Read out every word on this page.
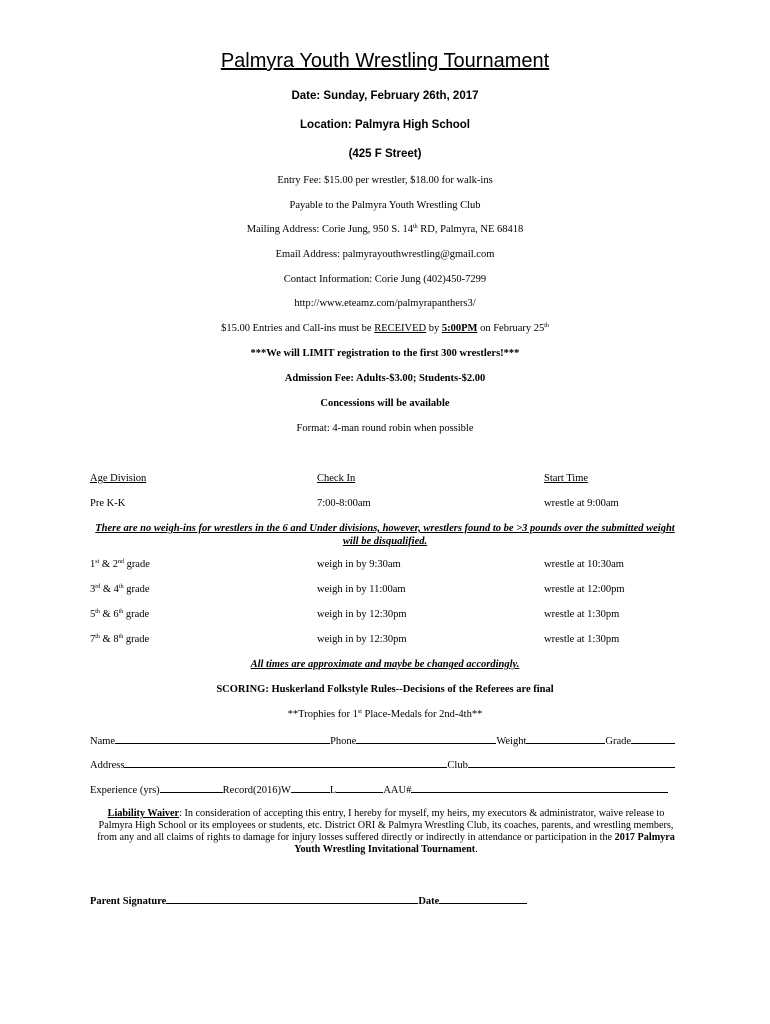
Palmyra Youth Wrestling Tournament
Date: Sunday, February 26th, 2017
Location: Palmyra High School
(425 F Street)
Entry Fee: $15.00 per wrestler, $18.00 for walk-ins
Payable to the Palmyra Youth Wrestling Club
Mailing Address: Corie Jung, 950 S. 14th RD, Palmyra, NE 68418
Email Address: palmyrayouthwrestling@gmail.com
Contact Information: Corie Jung (402)450-7299
http://www.eteamz.com/palmyrapanthers3/
$15.00 Entries and Call-ins must be RECEIVED by 5:00PM on February 25th
***We will LIMIT registration to the first 300 wrestlers!***
Admission Fee: Adults-$3.00; Students-$2.00
Concessions will be available
Format: 4-man round robin when possible
Age Division	Check In	Start Time
Pre K-K	7:00-8:00am	wrestle at 9:00am
There are no weigh-ins for wrestlers in the 6 and Under divisions, however, wrestlers found to be >3 pounds over the submitted weight will be disqualified.
1st & 2nd grade	weigh in by 9:30am	wrestle at 10:30am
3rd & 4th grade	weigh in by 11:00am	wrestle at 12:00pm
5th & 6th grade	weigh in by 12:30pm	wrestle at 1:30pm
7th & 8th grade	weigh in by 12:30pm	wrestle at 1:30pm
All times are approximate and maybe be changed accordingly.
SCORING: Huskerland Folkstyle Rules--Decisions of the Referees are final
**Trophies for 1st Place-Medals for 2nd-4th**
Name	Phone	Weight	Grade
Address	Club
Experience (yrs)	Record(2016)W	L	AAU#
Liability Waiver: In consideration of accepting this entry, I hereby for myself, my heirs, my executors & administrator, waive release to Palmyra High School or its employees or students, etc. District ORI & Palmyra Wrestling Club, its coaches, parents, and wrestling members, from any and all claims of rights to damage for injury losses suffered directly or indirectly in attendance or participation in the 2017 Palmyra Youth Wrestling Invitational Tournament.
Parent Signature	Date
